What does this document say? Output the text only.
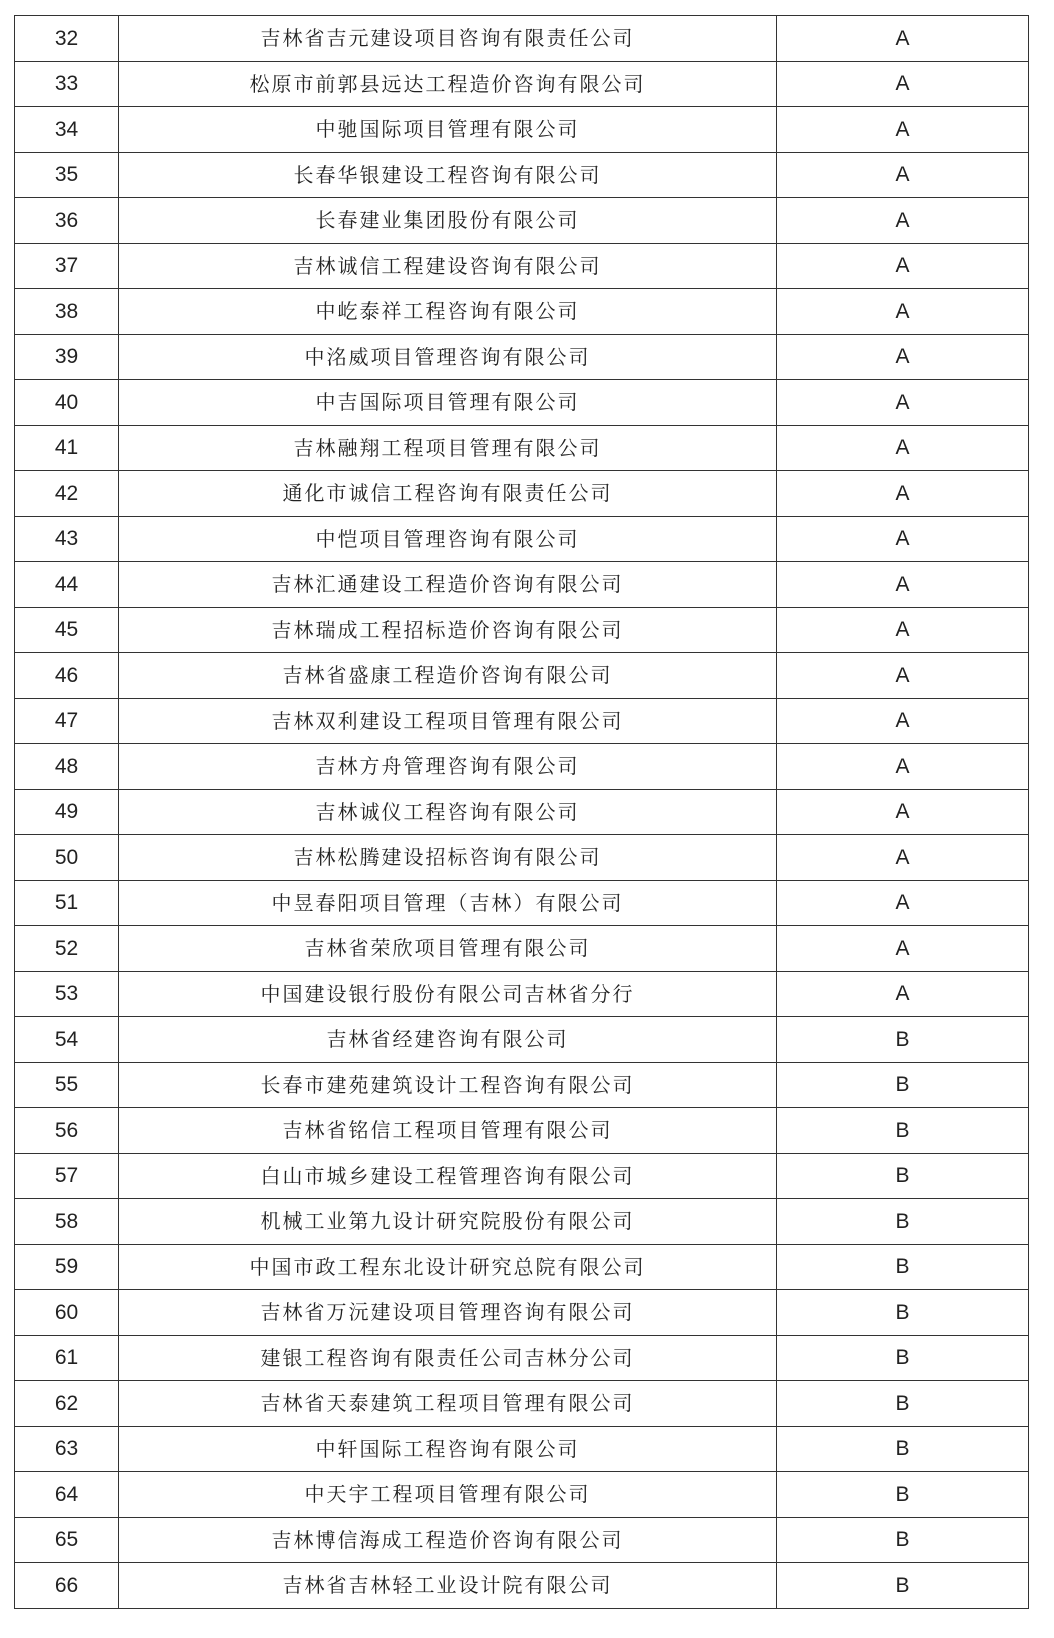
32	吉林省吉元建设项目咨询有限责任公司	A
33	松原市前郭县远达工程造价咨询有限公司	A
34	中驰国际项目管理有限公司	A
35	长春华银建设工程咨询有限公司	A
36	长春建业集团股份有限公司	A
37	吉林诚信工程建设咨询有限公司	A
38	中屹泰祥工程咨询有限公司	A
39	中洺威项目管理咨询有限公司	A
40	中吉国际项目管理有限公司	A
41	吉林融翔工程项目管理有限公司	A
42	通化市诚信工程咨询有限责任公司	A
43	中恺项目管理咨询有限公司	A
44	吉林汇通建设工程造价咨询有限公司	A
45	吉林瑞成工程招标造价咨询有限公司	A
46	吉林省盛康工程造价咨询有限公司	A
47	吉林双利建设工程项目管理有限公司	A
48	吉林方舟管理咨询有限公司	A
49	吉林诚仪工程咨询有限公司	A
50	吉林松腾建设招标咨询有限公司	A
51	中昱春阳项目管理（吉林）有限公司	A
52	吉林省荣欣项目管理有限公司	A
53	中国建设银行股份有限公司吉林省分行	A
54	吉林省经建咨询有限公司	B
55	长春市建苑建筑设计工程咨询有限公司	B
56	吉林省铭信工程项目管理有限公司	B
57	白山市城乡建设工程管理咨询有限公司	B
58	机械工业第九设计研究院股份有限公司	B
59	中国市政工程东北设计研究总院有限公司	B
60	吉林省万沅建设项目管理咨询有限公司	B
61	建银工程咨询有限责任公司吉林分公司	B
62	吉林省天泰建筑工程项目管理有限公司	B
63	中轩国际工程咨询有限公司	B
64	中天宇工程项目管理有限公司	B
65	吉林博信海成工程造价咨询有限公司	B
66	吉林省吉林轻工业设计院有限公司	B
